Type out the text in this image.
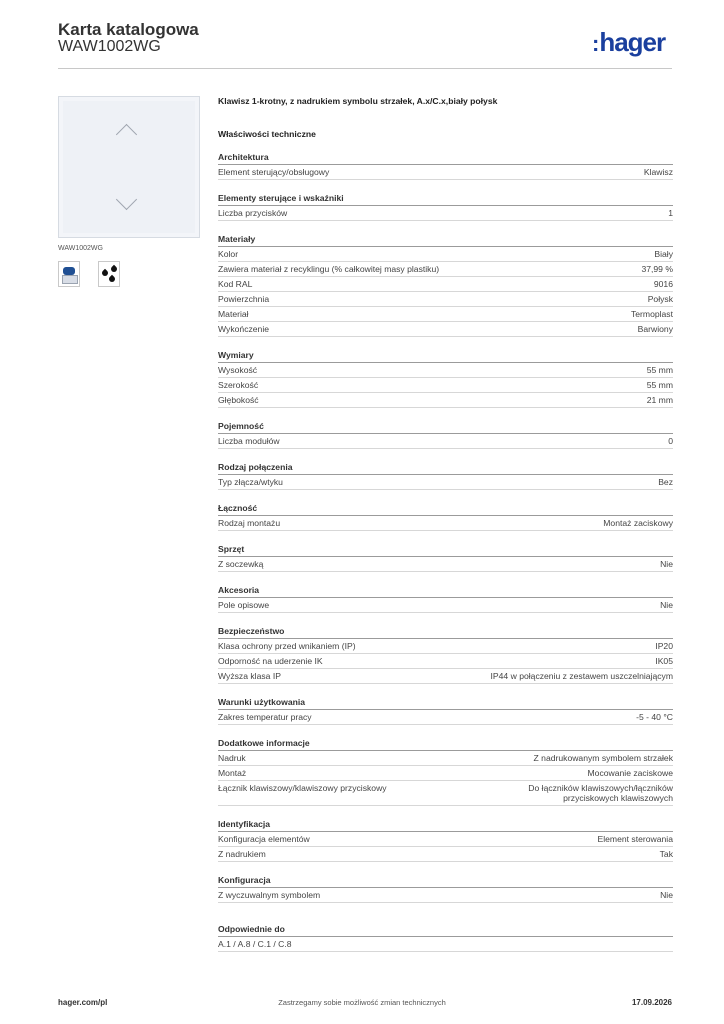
Karta katalogowa
WAW1002WG	:hager
WAW1002WG
Klawisz 1-krotny, z nadrukiem symbolu strzałek, A.x/C.x,biały połysk
Właściwości techniczne
Architektura
Element sterujący/obsługowy	Klawisz
Elementy sterujące i wskaźniki
Liczba przycisków	1
Materiały
Kolor	Biały
Zawiera materiał z recyklingu (% całkowitej masy plastiku)	37,99 %
Kod RAL	9016
Powierzchnia	Połysk
Materiał	Termoplast
Wykończenie	Barwiony
Wymiary
Wysokość	55 mm
Szerokość	55 mm
Głębokość	21 mm
Pojemność
Liczba modułów	0
Rodzaj połączenia
Typ złącza/wtyku	Bez
Łączność
Rodzaj montażu	Montaż zaciskowy
Sprzęt
Z soczewką	Nie
Akcesoria
Pole opisowe	Nie
Bezpieczeństwo
Klasa ochrony przed wnikaniem (IP)	IP20
Odporność na uderzenie IK	IK05
Wyższa klasa IP	IP44 w połączeniu z zestawem uszczelniającym
Warunki użytkowania
Zakres temperatur pracy	-5 - 40 °C
Dodatkowe informacje
Nadruk	Z nadrukowanym symbolem strzałek
Montaż	Mocowanie zaciskowe
Łącznik klawiszowy/klawiszowy przyciskowy	Do łączników klawiszowych/łączników przyciskowych klawiszowych
Identyfikacja
Konfiguracja elementów	Element sterowania
Z nadrukiem	Tak
Konfiguracja
Z wyczuwalnym symbolem	Nie
Odpowiednie do
A.1 / A.8 / C.1 / C.8
hager.com/pl	Zastrzegamy sobie możliwość zmian technicznych	17.09.2026
